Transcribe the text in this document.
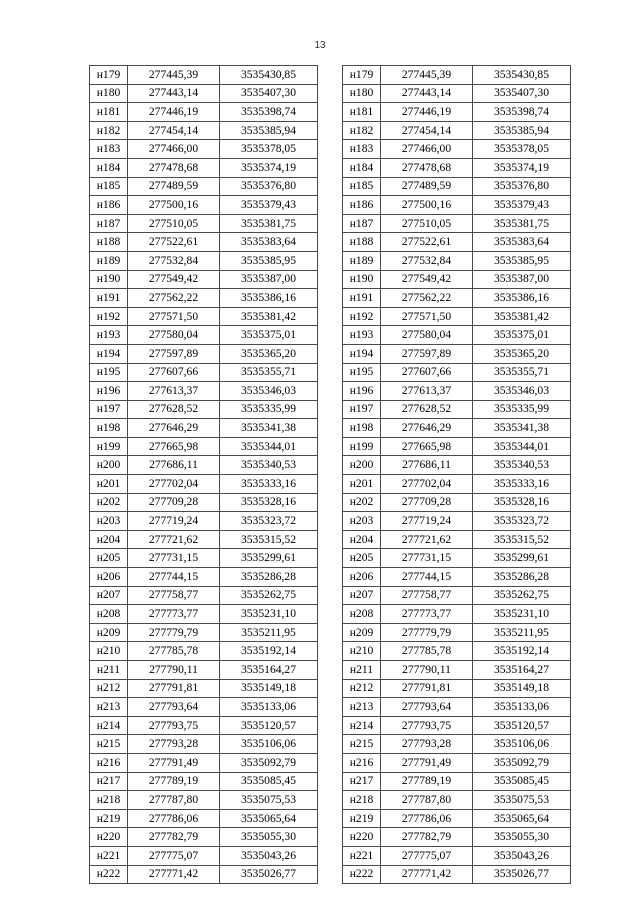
13
н179	277445,39	3535430,85
н180	277443,14	3535407,30
н181	277446,19	3535398,74
н182	277454,14	3535385,94
н183	277466,00	3535378,05
н184	277478,68	3535374,19
н185	277489,59	3535376,80
н186	277500,16	3535379,43
н187	277510,05	3535381,75
н188	277522,61	3535383,64
н189	277532,84	3535385,95
н190	277549,42	3535387,00
н191	277562,22	3535386,16
н192	277571,50	3535381,42
н193	277580,04	3535375,01
н194	277597,89	3535365,20
н195	277607,66	3535355,71
н196	277613,37	3535346,03
н197	277628,52	3535335,99
н198	277646,29	3535341,38
н199	277665,98	3535344,01
н200	277686,11	3535340,53
н201	277702,04	3535333,16
н202	277709,28	3535328,16
н203	277719,24	3535323,72
н204	277721,62	3535315,52
н205	277731,15	3535299,61
н206	277744,15	3535286,28
н207	277758,77	3535262,75
н208	277773,77	3535231,10
н209	277779,79	3535211,95
н210	277785,78	3535192,14
н211	277790,11	3535164,27
н212	277791,81	3535149,18
н213	277793,64	3535133,06
н214	277793,75	3535120,57
н215	277793,28	3535106,06
н216	277791,49	3535092,79
н217	277789,19	3535085,45
н218	277787,80	3535075,53
н219	277786,06	3535065,64
н220	277782,79	3535055,30
н221	277775,07	3535043,26
н222	277771,42	3535026,77
н179	277445,39	3535430,85
н180	277443,14	3535407,30
н181	277446,19	3535398,74
н182	277454,14	3535385,94
н183	277466,00	3535378,05
н184	277478,68	3535374,19
н185	277489,59	3535376,80
н186	277500,16	3535379,43
н187	277510,05	3535381,75
н188	277522,61	3535383,64
н189	277532,84	3535385,95
н190	277549,42	3535387,00
н191	277562,22	3535386,16
н192	277571,50	3535381,42
н193	277580,04	3535375,01
н194	277597,89	3535365,20
н195	277607,66	3535355,71
н196	277613,37	3535346,03
н197	277628,52	3535335,99
н198	277646,29	3535341,38
н199	277665,98	3535344,01
н200	277686,11	3535340,53
н201	277702,04	3535333,16
н202	277709,28	3535328,16
н203	277719,24	3535323,72
н204	277721,62	3535315,52
н205	277731,15	3535299,61
н206	277744,15	3535286,28
н207	277758,77	3535262,75
н208	277773,77	3535231,10
н209	277779,79	3535211,95
н210	277785,78	3535192,14
н211	277790,11	3535164,27
н212	277791,81	3535149,18
н213	277793,64	3535133,06
н214	277793,75	3535120,57
н215	277793,28	3535106,06
н216	277791,49	3535092,79
н217	277789,19	3535085,45
н218	277787,80	3535075,53
н219	277786,06	3535065,64
н220	277782,79	3535055,30
н221	277775,07	3535043,26
н222	277771,42	3535026,77
